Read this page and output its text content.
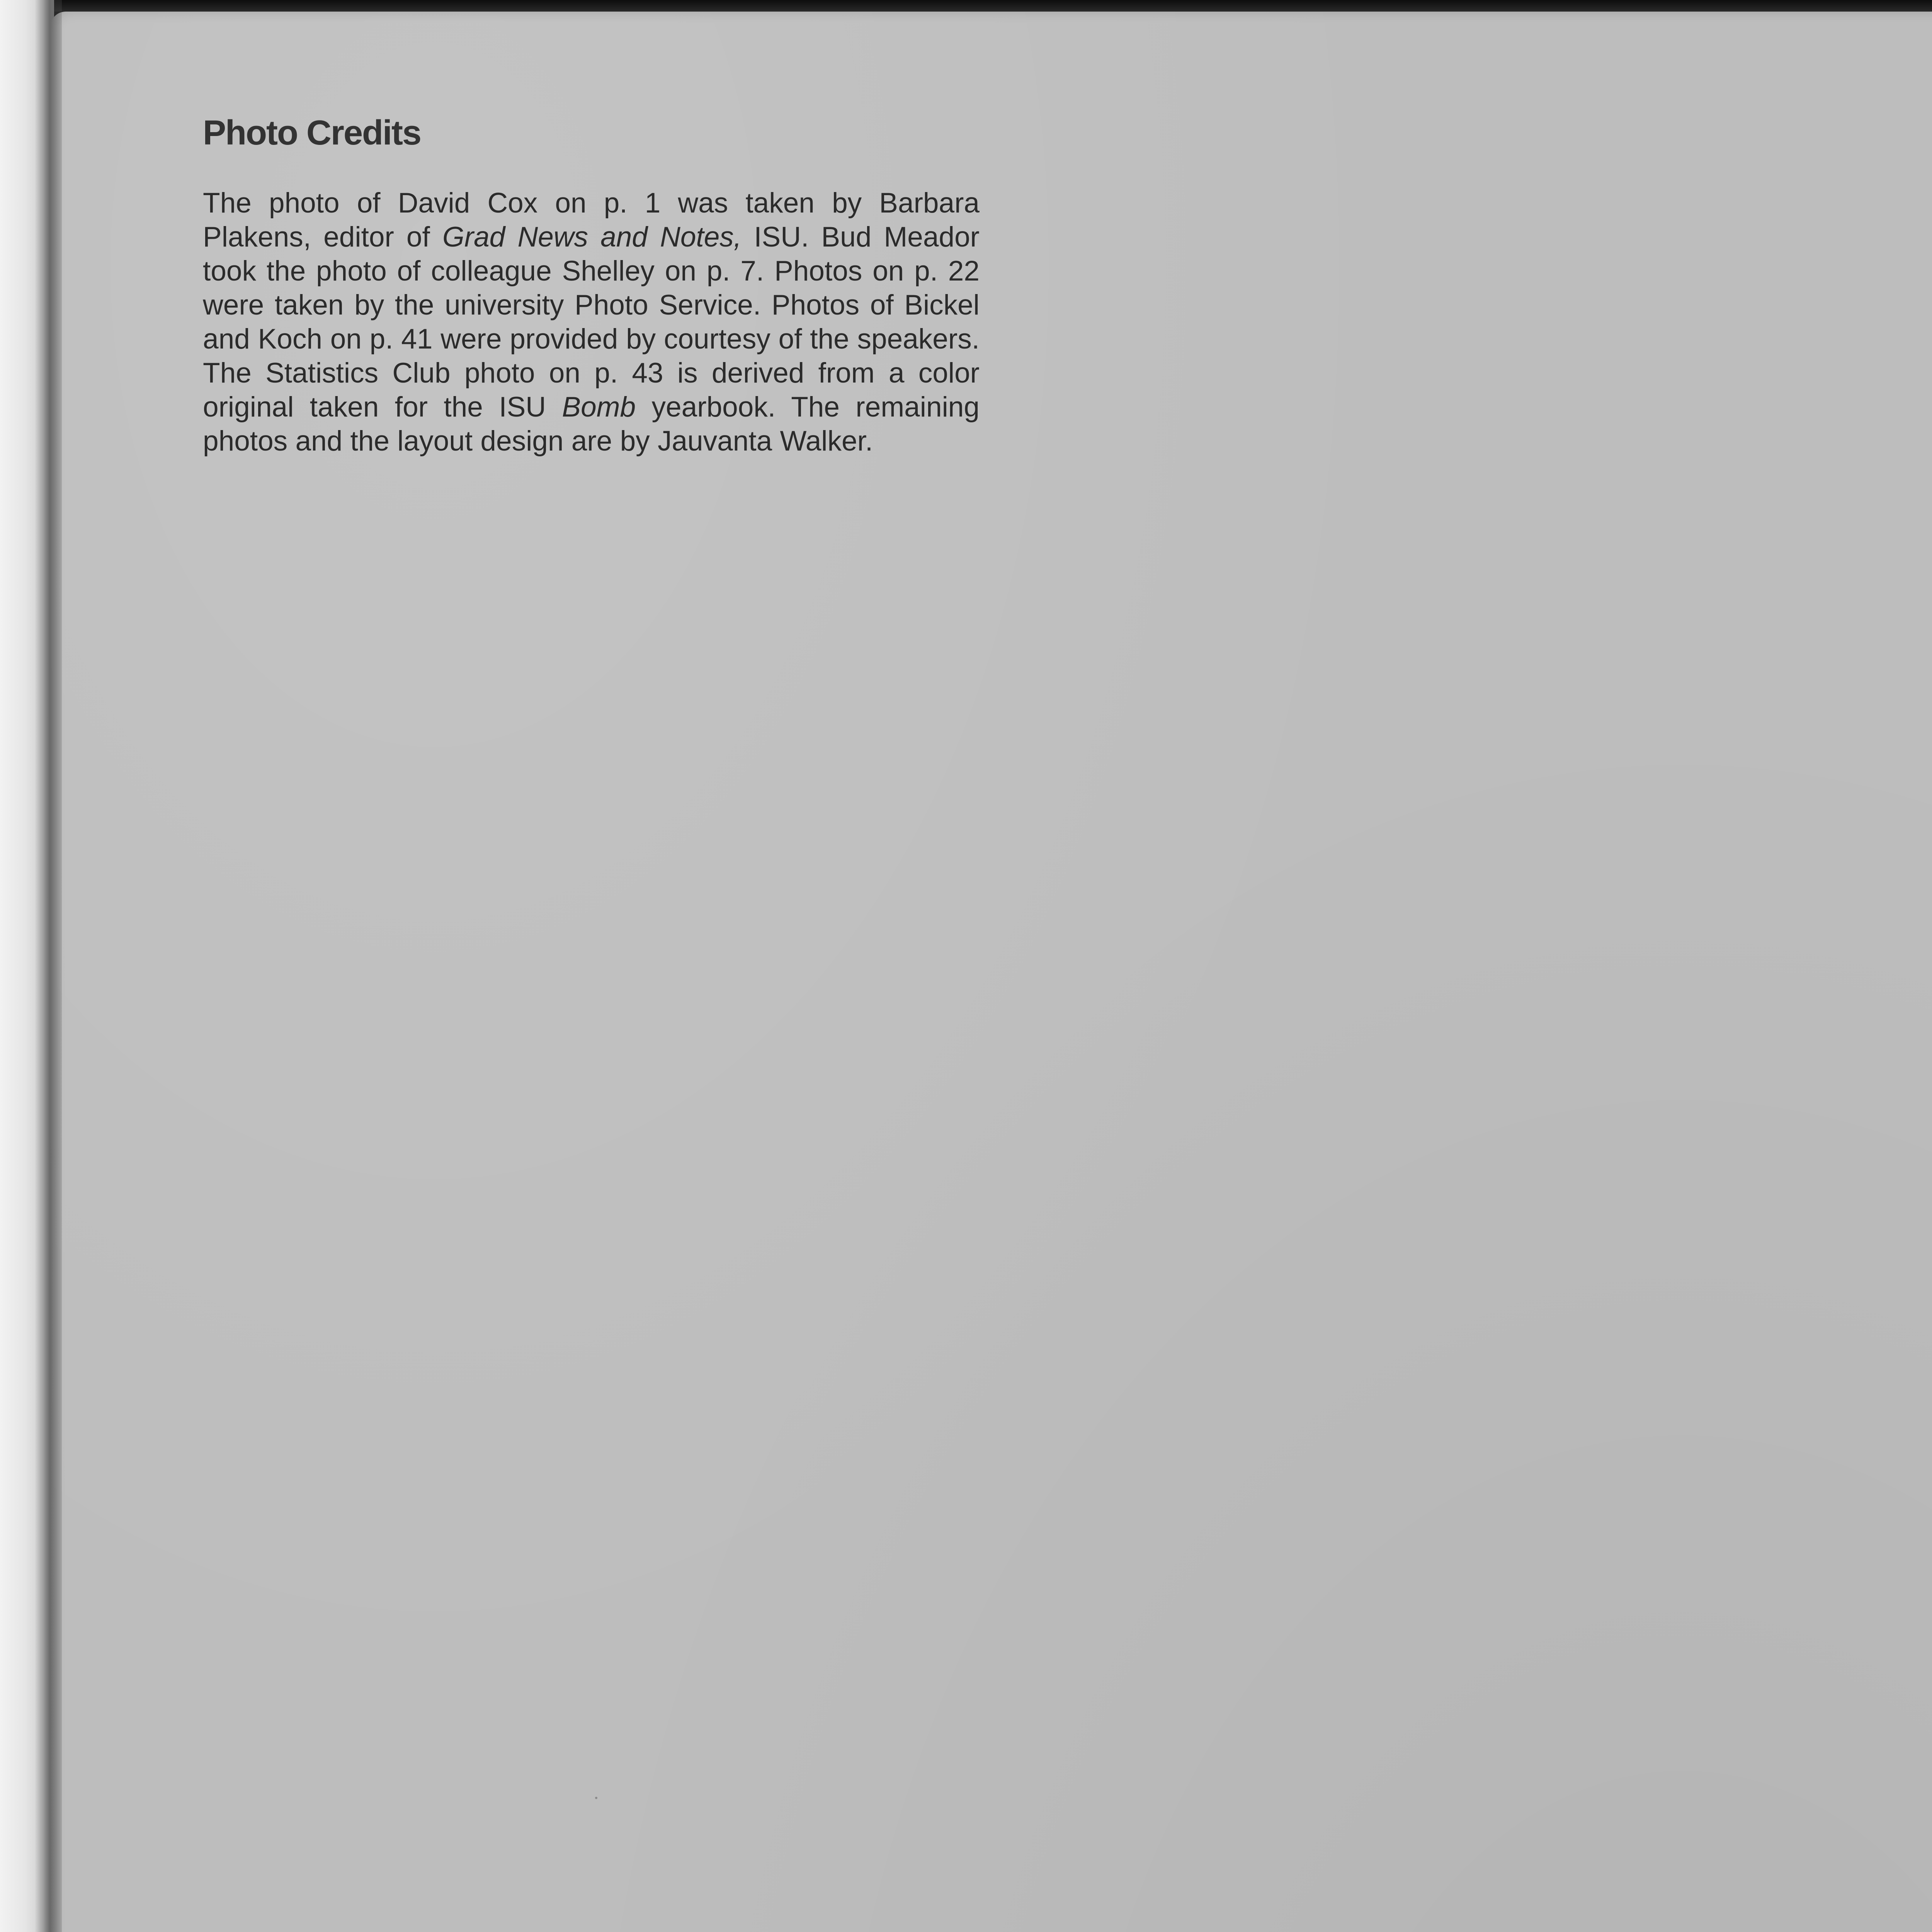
Photo Credits

The photo of David Cox on p. 1 was taken by Barbara Plakens, editor of Grad News and Notes, ISU. Bud Meador took the photo of colleague Shelley on p. 7. Photos on p. 22 were taken by the university Photo Service. Photos of Bickel and Koch on p. 41 were provided by courtesy of the speakers. The Statistics Club photo on p. 43 is derived from a color original taken for the ISU Bomb yearbook. The remaining photos and the layout design are by Jauvanta Walker.
